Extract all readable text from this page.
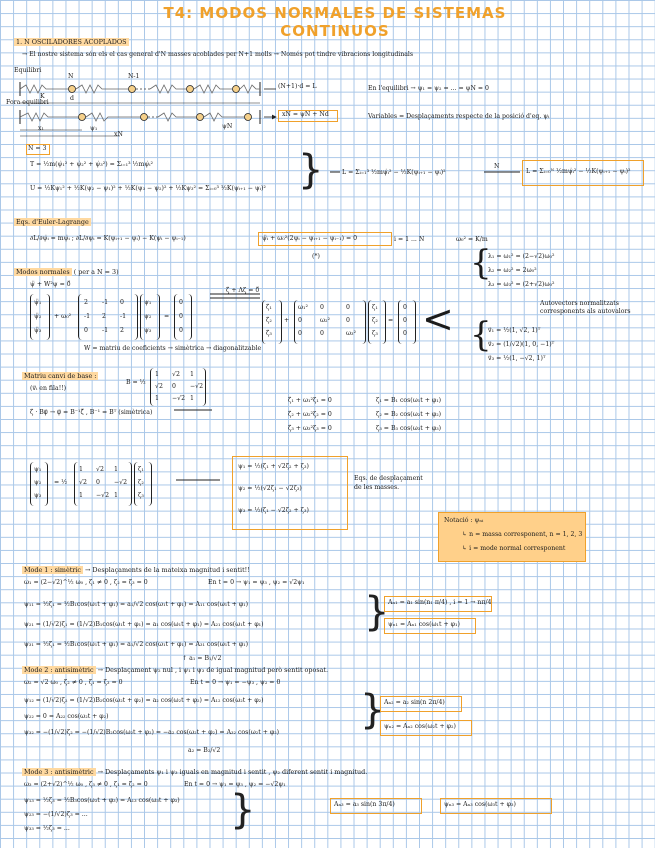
T4: MODOS NORMALES DE SISTEMAS CONTINUOS
1. N OSCILADORES ACOPLADOS
→ El nostre sistema són els el cas general d'N masses acoblades per N+1 molls → Només pot tindre vibracions longitudinals
Equilibri
Fora equilibri
(N+1)·d = L	En l'equilibri → ψ₁ = ψ₂ = ... = ψN = 0
xN = ψN + Nd	Variables = Desplaçaments respecte de la posició d'eq. ψᵢ
N	N-1
K	d
x₁	ψ₁
xN
ψN
N = 3
T = ½m(ψ̇₁² + ψ̇₂² + ψ̇₃²) = Σᵢ₌₁³ ½mψ̇ᵢ²
U = ½Kψ₁² + ½K(ψ₂ − ψ₁)² + ½K(ψ₃ − ψ₂)² + ½Kψ₃² = Σᵢ₌₀³ ½K(ψᵢ₊₁ − ψᵢ)² }	L = Σᵢ₌₁³ ½mψ̇ᵢ² − ½K(ψᵢ₊₁ − ψᵢ)²
N
L = Σᵢ₌₀ᴺ ½mψ̇ᵢ² − ½K(ψᵢ₊₁ − ψᵢ)²
Eqs. d'Euler-Lagrange
∂L/∂ψ̇ᵢ = mψ̇ᵢ ; ∂L/∂ψᵢ = K(ψᵢ₊₁ − ψᵢ) − K(ψᵢ − ψᵢ₋₁)	ψ̈ᵢ + ω₀²(2ψᵢ − ψᵢ₊₁ − ψᵢ₋₁) = 0	i = 1 ... N	ω₀² = K/m
(*)
Modos normales ( per a N = 3)
ψ̈ + W²ψ = 0⃗
ψ̈₁
ψ̈₂
ψ̈₃
+ ω₀²
2 -1 0
-1 2 -1
0 -1 2
ψ₁
ψ₂
ψ₃
=
0
0
0
W = matriu de coeficients → simètrica → diagonalitzable
ζ̈ + Λζ = 0⃗
ζ̈₁
ζ̈₂
ζ̈₃
+
ω₁² 0	0
0	ω₂²	0
0	0	ω₃²
ζ₁
ζ₂
ζ₃
=
0
0
0 <
{
λ₁ = ω₁² = (2−√2)ω₀²
λ₂ = ω₂² = 2ω₀²
λ₃ = ω₃² = (2+√2)ω₀²
Autovectors normalitzats corresponents als autovalors
{
v⃗₁ = ½(1, √2, 1)ᵀ
v⃗₂ = (1/√2)(1, 0, −1)ᵀ
v⃗₃ = ½(1, −√2, 1)ᵀ
Matriu canvi de base :
(v⃗ᵢ en fila!!)
B = ½
1 √2 1
√2 0 −√2
1 −√2 1
ζ̈ · Bψ⃗ → ψ⃗ = B⁻¹ζ⃗ , B⁻¹ = Bᵀ (simètrica)
ζ̈₁ + ω₁²ζ₁ = 0
ζ̈₂ + ω₂²ζ₂ = 0
ζ̈₃ + ω₃²ζ₃ = 0
ζ₁ = B₁ cos(ω₁t + φ₁)
ζ₂ = B₂ cos(ω₂t + φ₂)
ζ₃ = B₃ cos(ω₃t + φ₃)
ψ₁
ψ₂
ψ₃
= ½
1 √2 1
√2 0 −√2
1 −√2 1
ζ₁
ζ₂
ζ₃
ψ₁ = ½(ζ₁ + √2ζ₂ + ζ₃)
ψ₂ = ½(√2ζ₁ − √2ζ₃)
ψ₃ = ½(ζ₁ − √2ζ₂ + ζ₃)
Eqs. de desplaçament de les masses.
Notació : ψₙᵢ
↳ n = massa corresponent, n = 1, 2, 3
↳ i = mode normal corresponent
Mode 1 : simètric → Desplaçaments de la mateixa magnitud i sentit!!
ω₁ = (2−√2)^½ ω₀ , ζ₁ ≠ 0 , ζ₂ = ζ₃ = 0	En t = 0 → ψ₁ = ψ₃ , ψ₂ = √2ψ₁
ψ₁₁ = ½ζ₁ = ½B₁cos(ω₁t + φ₁) = a₁/√2 cos(ω₁t + φ₁) = A₁₁ cos(ω₁t + φ₁)
ψ₂₁ = (1/√2)ζ₁ = (1/√2)B₁cos(ω₁t + φ₁) = a₁ cos(ω₁t + φ₁) = A₂₁ cos(ω₁t + φ₁)
ψ₃₁ = ½ζ₁ = ½B₁cos(ω₁t + φ₁) = a₁/√2 cos(ω₁t + φ₁) = A₃₁ cos(ω₁t + φ₁)
↑ a₁ = B₁/√2
}
Aₙ₁ = a₁ sin(n₁ π/4) , i = 1 → nπ/4
ψₙ₁ = Aₙ₁ cos(ω₁t + φ₁)
Mode 2 : antisimètric → Desplaçament ψ₂ nul , i ψ₁ i ψ₃ de igual magnitud però sentit oposat.
ω₂ = √2 ω₀ , ζ₂ ≠ 0 , ζ₁ = ζ₃ = 0	En t = 0 → ψ₁ = −ψ₃ , ψ₂ = 0
ψ₁₂ = (1/√2)ζ₂ = (1/√2)B₂cos(ω₂t + φ₂) = a₂ cos(ω₂t + φ₂) = A₁₂ cos(ω₂t + φ₂)
ψ₂₂ = 0 = A₂₂ cos(ω₂t + φ₂)
ψ₃₂ = −(1/√2)ζ₂ = −(1/√2)B₂cos(ω₂t + φ₂) = −a₂ cos(ω₂t + φ₂) = A₃₂ cos(ω₂t + φ₂)
a₂ = B₂/√2
}
Aₙ₂ = a₂ sin(n 2π/4)
ψₙ₂ = Aₙ₂ cos(ω₂t + φ₂)
Mode 3 : antisimètric → Desplaçaments ψ₁ i ψ₃ iguals en magnitud i sentit , ψ₂ diferent sentit i magnitud.
ω₃ = (2+√2)^½ ω₀ , ζ₃ ≠ 0 , ζ₁ = ζ₂ = 0	En t = 0 → ψ₁ = ψ₃ , ψ₂ = −√2ψ₁
ψ₁₃ = ½ζ₃ = ½B₃cos(ω₃t + φ₃) = A₁₃ cos(ω₃t + φ₃)
ψ₂₃ = −(1/√2)ζ₃ = ...
ψ₃₃ = ½ζ₃ = ...	}	Aₙ₃ = a₃ sin(n 3π/4)	ψₙ₃ = Aₙ₃ cos(ω₃t + φ₃)
